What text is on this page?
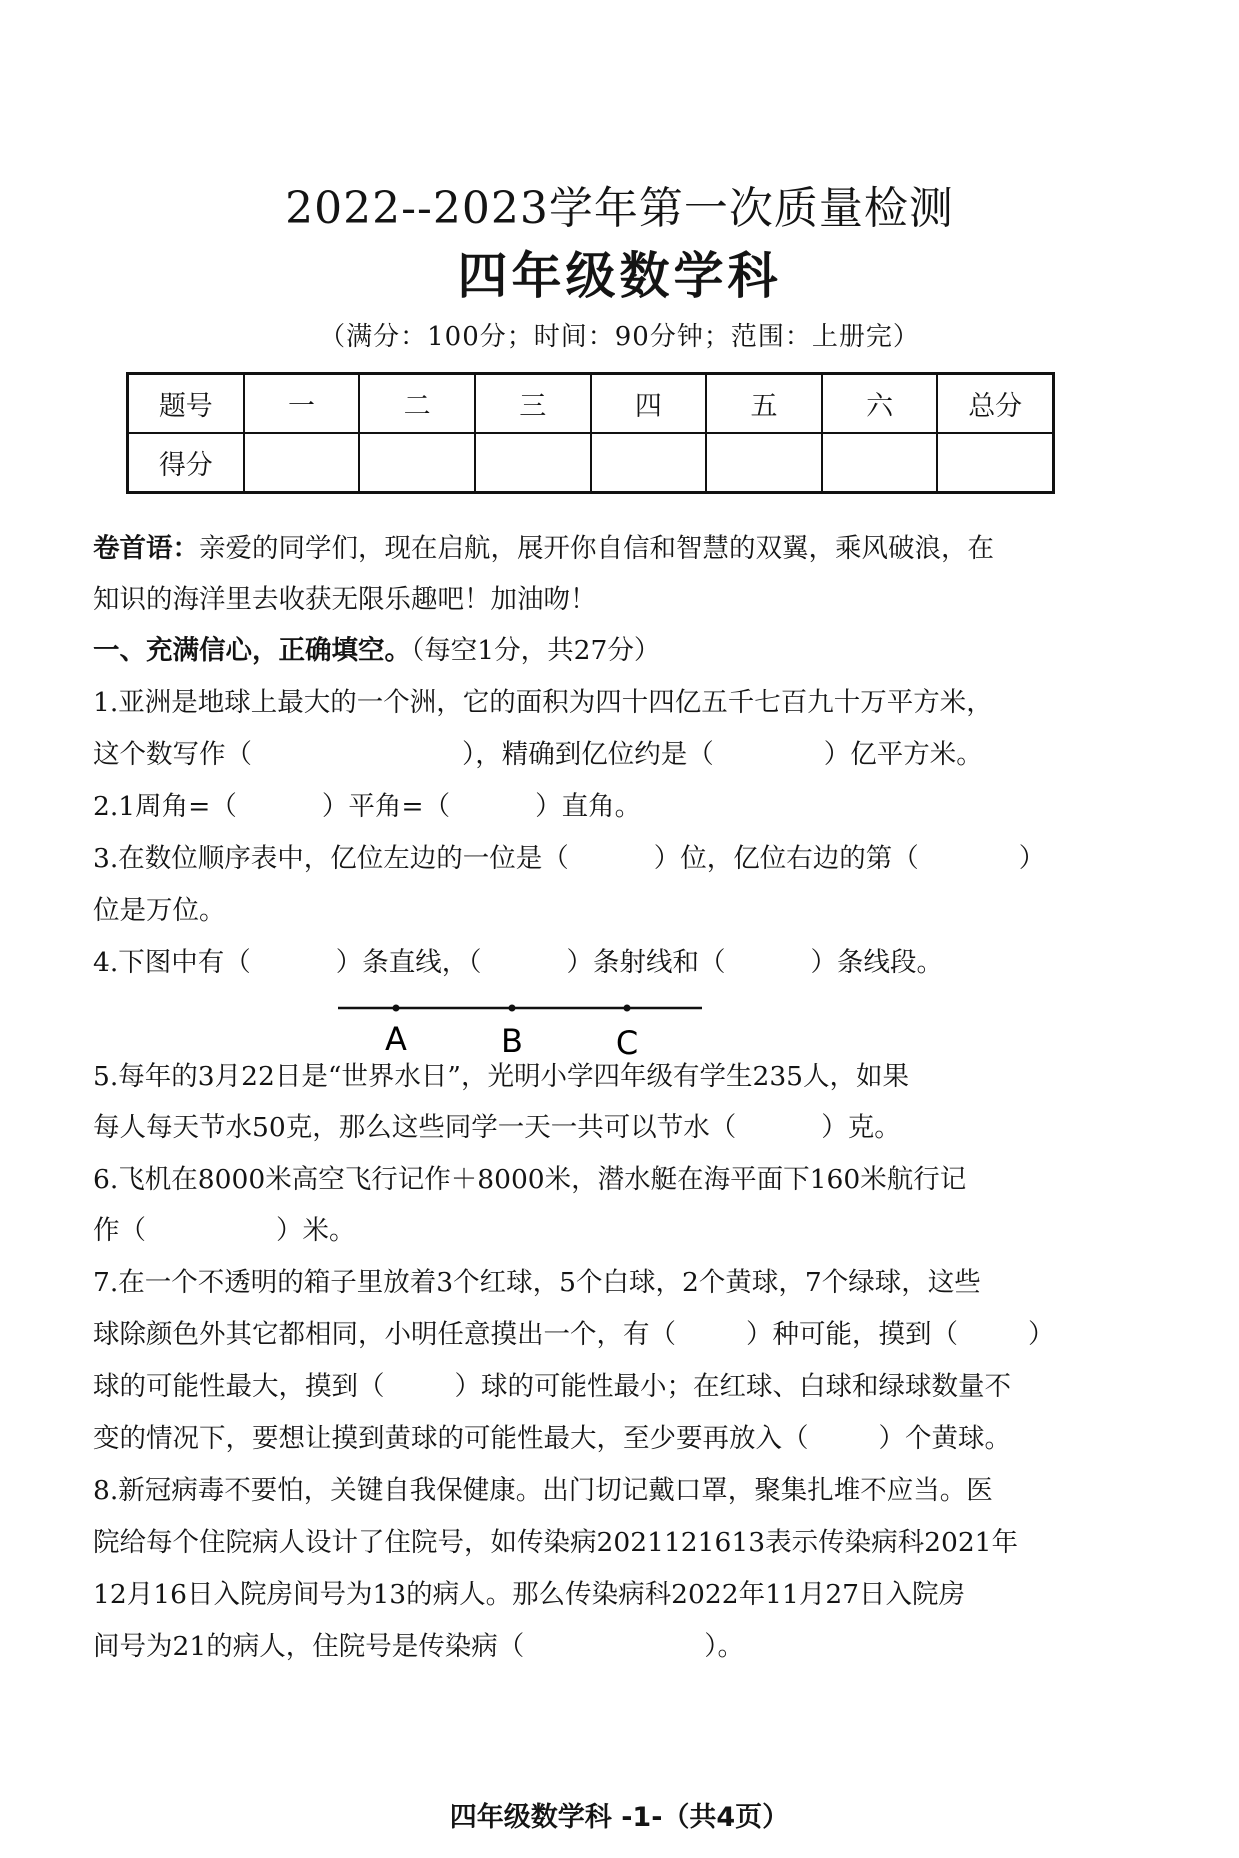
2022--2023学年第一次质量检测
四年级数学科
（满分：100分；时间：90分钟；范围：上册完）
题号	一	二	三	四	五	六	总分
得分							
卷首语：亲爱的同学们，现在启航，展开你自信和智慧的双翼，乘风破浪，在
知识的海洋里去收获无限乐趣吧！加油吻！
一、充满信心，正确填空。（每空1分，共27分）
1.亚洲是地球上最大的一个洲，它的面积为四十四亿五千七百九十万平方米，
这个数写作（	），精确到亿位约是（	）亿平方米。
2.1周角=（	）平角=（	）直角。
3.在数位顺序表中，亿位左边的一位是（	）位，亿位右边的第（	）
位是万位。
4.下图中有（	）条直线，（	）条射线和（	）条线段。
A	B	C
5.每年的3月22日是“世界水日”，光明小学四年级有学生235人，如果
每人每天节水50克，那么这些同学一天一共可以节水（	）克。
6.飞机在8000米高空飞行记作＋8000米，潜水艇在海平面下160米航行记
作（	）米。
7.在一个不透明的箱子里放着3个红球，5个白球，2个黄球，7个绿球，这些
球除颜色外其它都相同，小明任意摸出一个，有（	）种可能，摸到（	）
球的可能性最大，摸到（	）球的可能性最小；在红球、白球和绿球数量不
变的情况下，要想让摸到黄球的可能性最大，至少要再放入（	）个黄球。
8.新冠病毒不要怕，关键自我保健康。出门切记戴口罩，聚集扎堆不应当。医
院给每个住院病人设计了住院号，如传染病2021121613表示传染病科2021年
12月16日入院房间号为13的病人。那么传染病科2022年11月27日入院房
间号为21的病人，住院号是传染病（	）。
四年级数学科 -1-（共4页）
